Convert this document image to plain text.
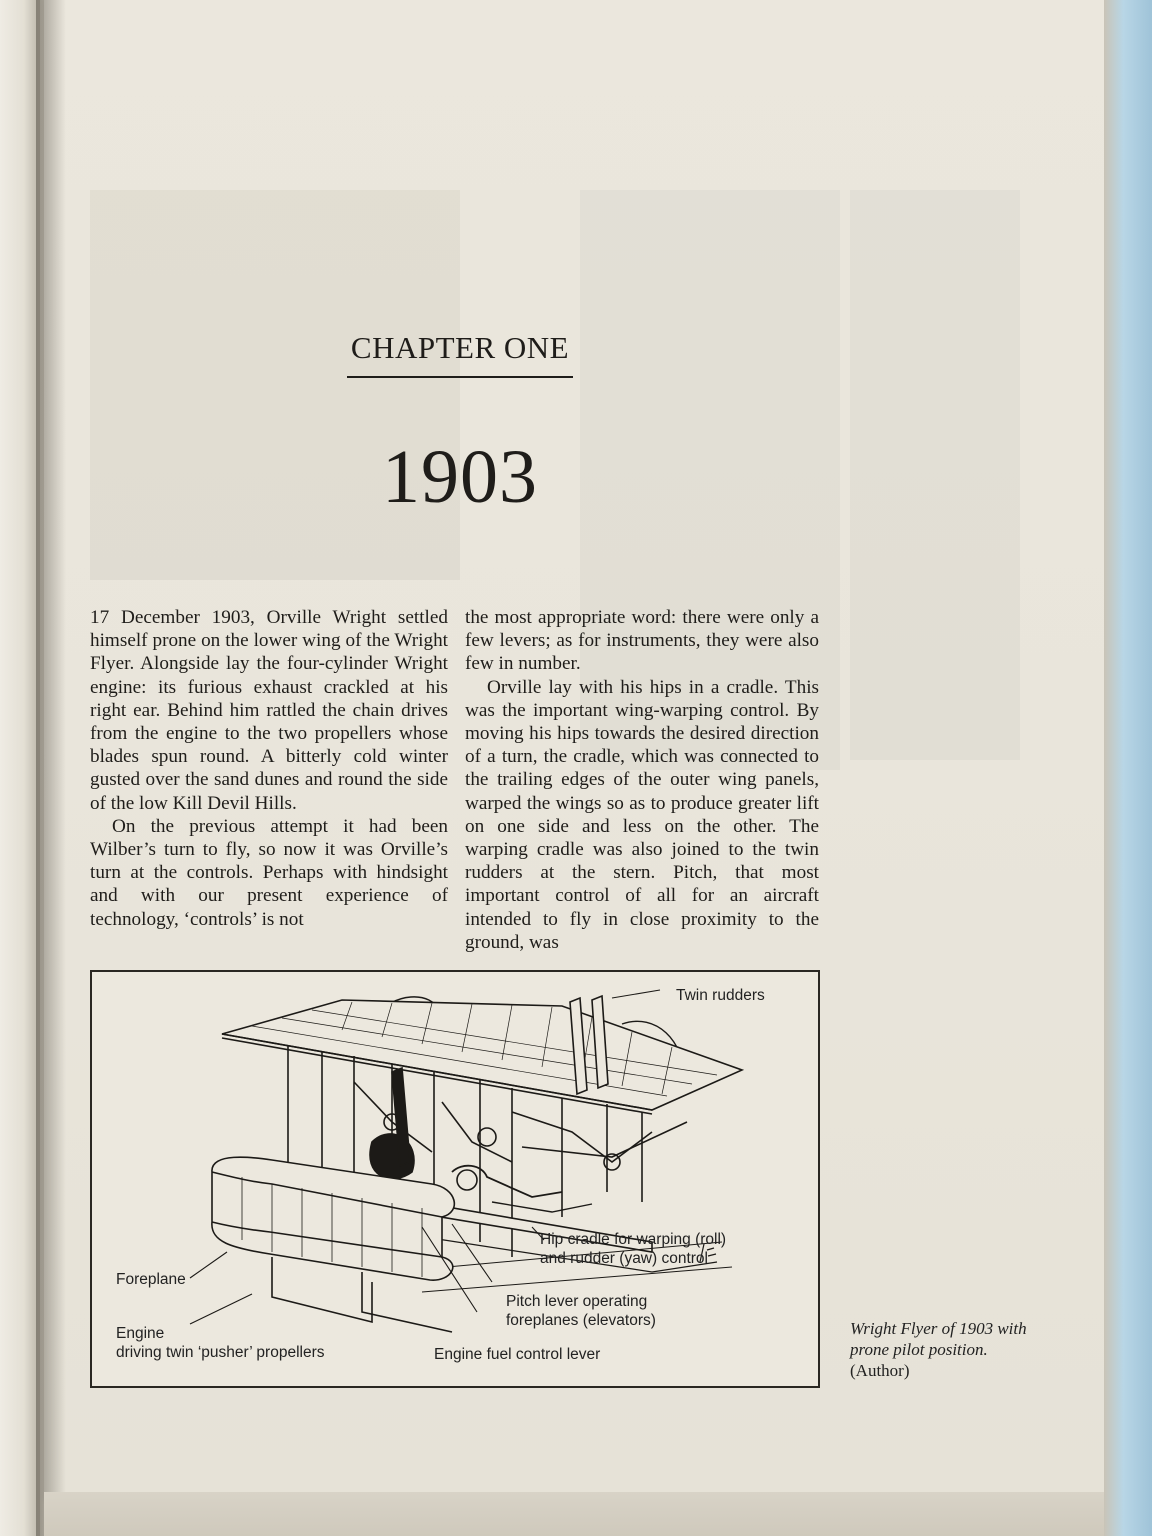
CHAPTER ONE
1903

17 December 1903, Orville Wright settled himself prone on the lower wing of the Wright Flyer. Alongside lay the four-cylinder Wright engine: its furious exhaust crackled at his right ear. Behind him rattled the chain drives from the engine to the two propellers whose blades spun round. A bitterly cold winter gusted over the sand dunes and round the side of the low Kill Devil Hills.

On the previous attempt it had been Wilber’s turn to fly, so now it was Orville’s turn at the controls. Perhaps with hindsight and with our present experience of technology, ‘controls’ is not

the most appropriate word: there were only a few levers; as for instruments, they were also few in number.

Orville lay with his hips in a cradle. This was the important wing-warping control. By moving his hips towards the desired direction of a turn, the cradle, which was connected to the trailing edges of the outer wing panels, warped the wings so as to produce greater lift on one side and less on the other. The warping cradle was also joined to the twin rudders at the stern. Pitch, that most important control of all for an aircraft intended to fly in close proximity to the ground, was

Twin rudders
Hip cradle for warping (roll)
and rudder (yaw) control
Foreplane
Pitch lever operating
foreplanes (elevators)
Engine
driving twin ‘pusher’ propellers	Engine fuel control lever
Wright Flyer of 1903 with prone pilot position. (Author)
